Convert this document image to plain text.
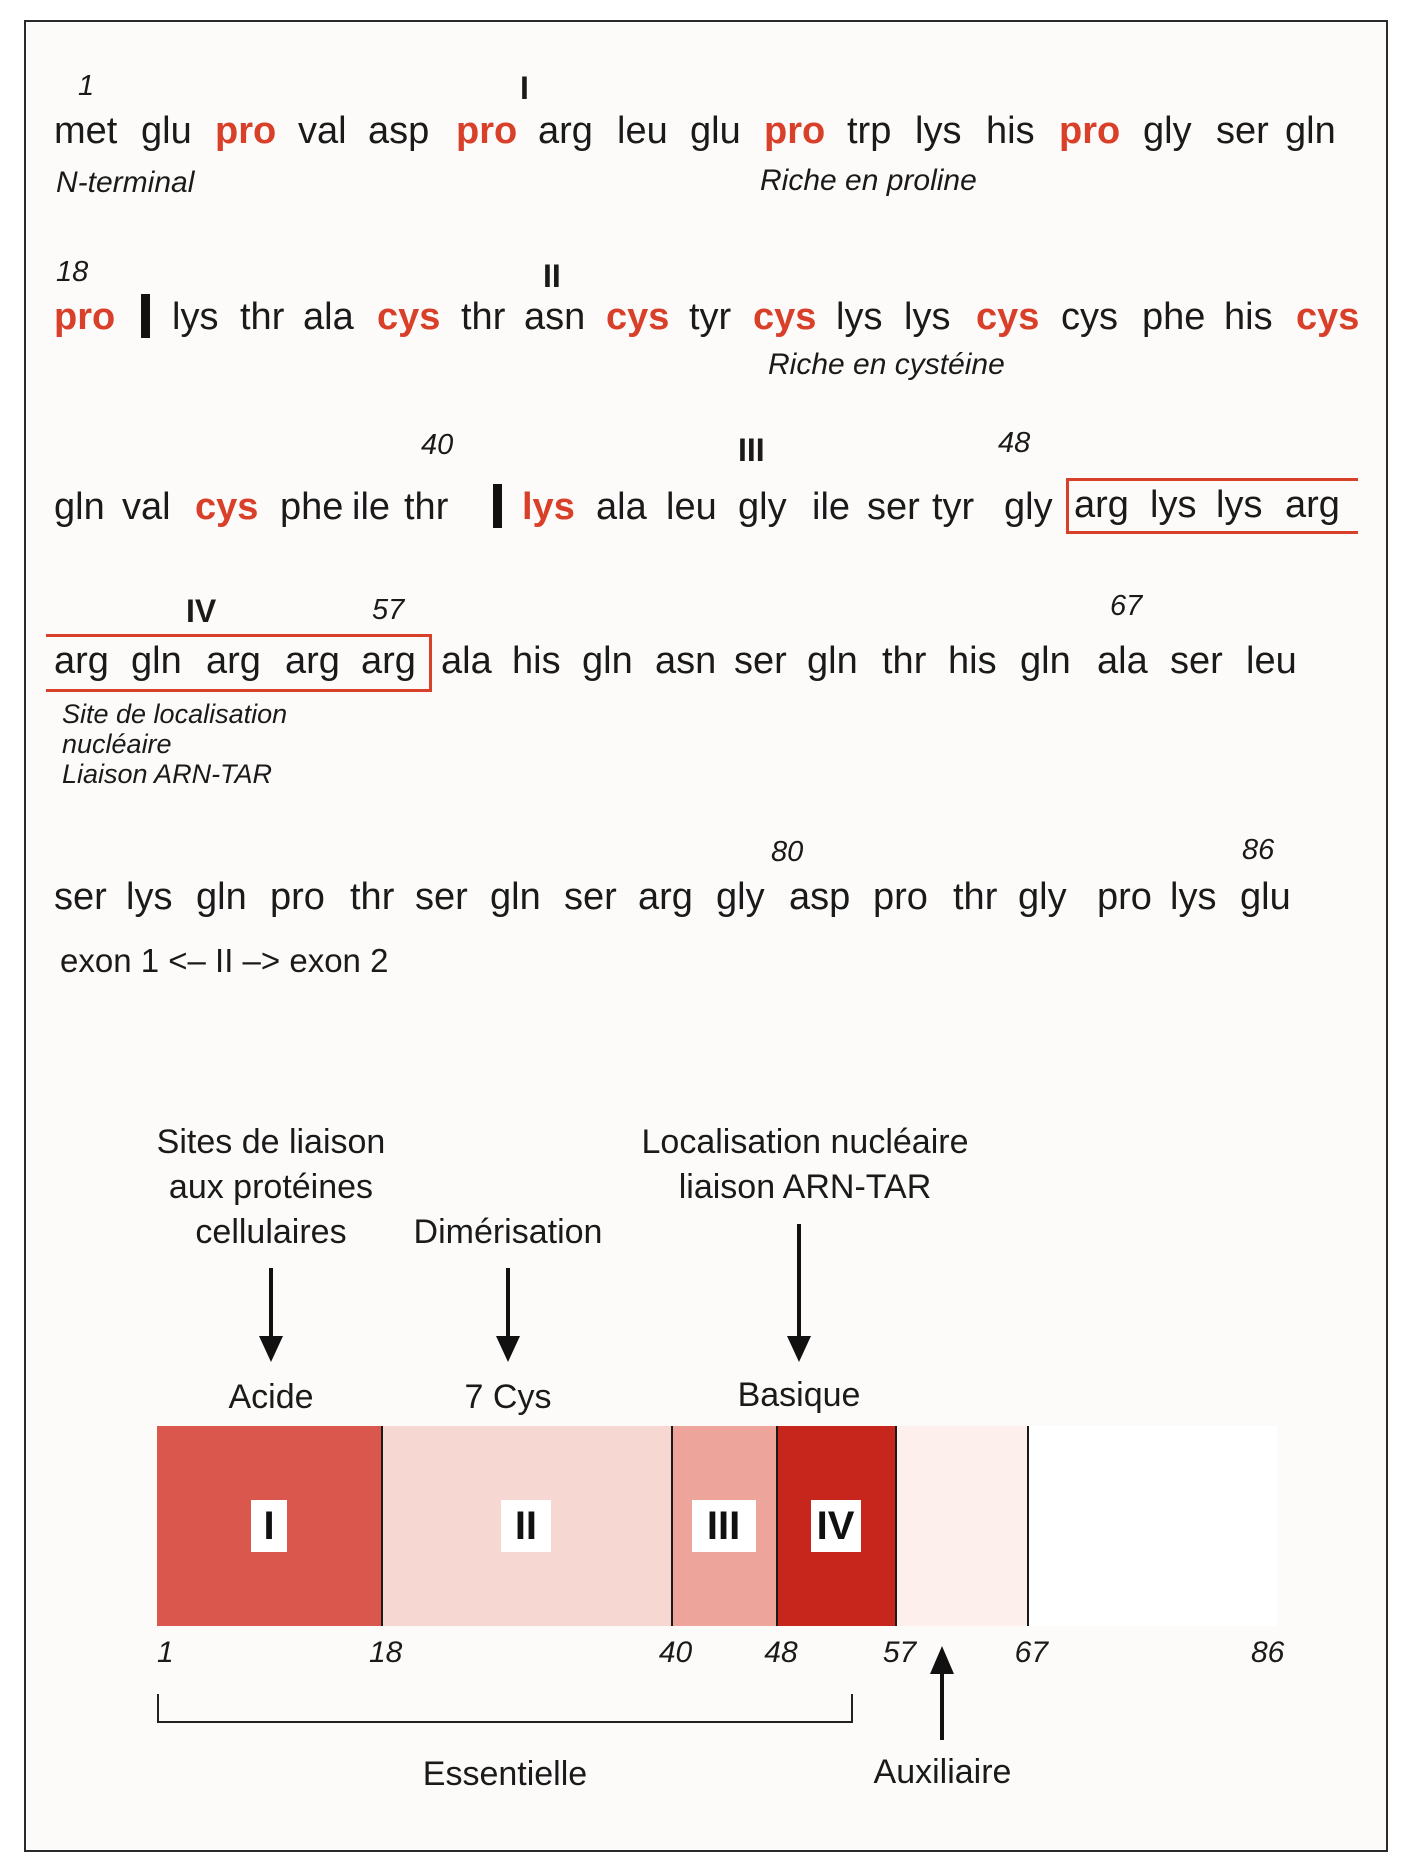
1	I
met glu pro val asp pro arg leu glu pro trp lys his pro gly ser gln
N-terminal	Riche en proline
18	II
pro lys thr ala cys thr asn cys tyr cys lys lys cys cys phe his cys
Riche en cystéine
40	III	48
gln val cys phe ile thr lys ala leu gly ile ser tyr gly arg lys lys arg
IV	57	67
arg gln arg arg arg ala his gln asn ser gln thr his gln ala ser leu
Site de localisation
nucléaire
Liaison ARN-TAR
80	86
ser lys gln pro thr ser gln ser arg gly asp pro thr gly pro lys glu
exon 1 <– II –> exon 2
Sites de liaison
aux protéines
cellulaires	Dimérisation
Localisation nucléaire
liaison ARN-TAR
Acide	7 Cys	Basique
I	II	III	IV
1	18	40 48	57	67	86
Essentielle	Auxiliaire
